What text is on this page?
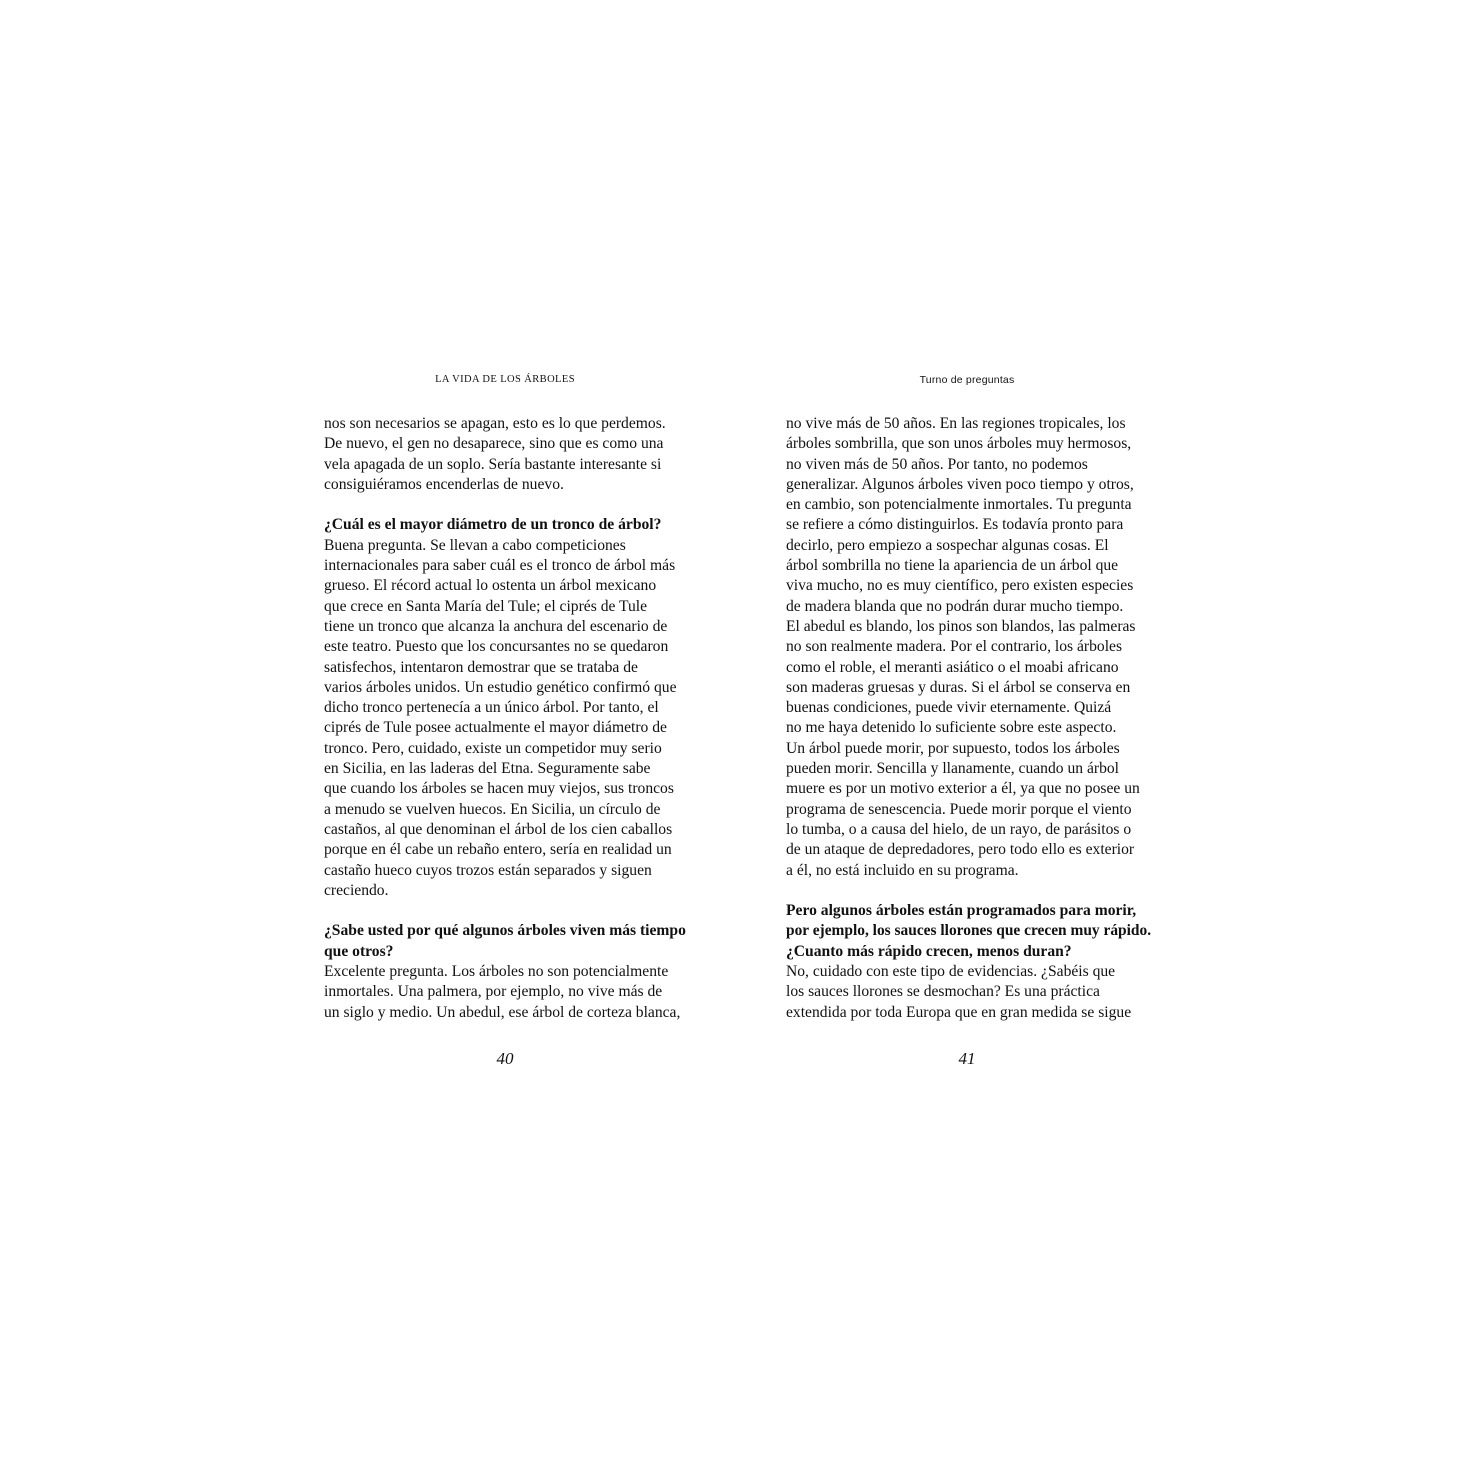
LA VIDA DE LOS ÁRBOLES
nos son necesarios se apagan, esto es lo que perdemos.
De nuevo, el gen no desaparece, sino que es como una
vela apagada de un soplo. Sería bastante interesante si
consiguiéramos encenderlas de nuevo.
¿Cuál es el mayor diámetro de un tronco de árbol?
Buena pregunta. Se llevan a cabo competiciones
internacionales para saber cuál es el tronco de árbol más
grueso. El récord actual lo ostenta un árbol mexicano
que crece en Santa María del Tule; el ciprés de Tule
tiene un tronco que alcanza la anchura del escenario de
este teatro. Puesto que los concursantes no se quedaron
satisfechos, intentaron demostrar que se trataba de
varios árboles unidos. Un estudio genético confirmó que
dicho tronco pertenecía a un único árbol. Por tanto, el
ciprés de Tule posee actualmente el mayor diámetro de
tronco. Pero, cuidado, existe un competidor muy serio
en Sicilia, en las laderas del Etna. Seguramente sabe
que cuando los árboles se hacen muy viejos, sus troncos
a menudo se vuelven huecos. En Sicilia, un círculo de
castaños, al que denominan el árbol de los cien caballos
porque en él cabe un rebaño entero, sería en realidad un
castaño hueco cuyos trozos están separados y siguen
creciendo.
¿Sabe usted por qué algunos árboles viven más tiempo
que otros?
Excelente pregunta. Los árboles no son potencialmente
inmortales. Una palmera, por ejemplo, no vive más de
un siglo y medio. Un abedul, ese árbol de corteza blanca,
40
Turno de preguntas
no vive más de 50 años. En las regiones tropicales, los
árboles sombrilla, que son unos árboles muy hermosos,
no viven más de 50 años. Por tanto, no podemos
generalizar. Algunos árboles viven poco tiempo y otros,
en cambio, son potencialmente inmortales. Tu pregunta
se refiere a cómo distinguirlos. Es todavía pronto para
decirlo, pero empiezo a sospechar algunas cosas. El
árbol sombrilla no tiene la apariencia de un árbol que
viva mucho, no es muy científico, pero existen especies
de madera blanda que no podrán durar mucho tiempo.
El abedul es blando, los pinos son blandos, las palmeras
no son realmente madera. Por el contrario, los árboles
como el roble, el meranti asiático o el moabi africano
son maderas gruesas y duras. Si el árbol se conserva en
buenas condiciones, puede vivir eternamente. Quizá
no me haya detenido lo suficiente sobre este aspecto.
Un árbol puede morir, por supuesto, todos los árboles
pueden morir. Sencilla y llanamente, cuando un árbol
muere es por un motivo exterior a él, ya que no posee un
programa de senescencia. Puede morir porque el viento
lo tumba, o a causa del hielo, de un rayo, de parásitos o
de un ataque de depredadores, pero todo ello es exterior
a él, no está incluido en su programa.
Pero algunos árboles están programados para morir,
por ejemplo, los sauces llorones que crecen muy rápido.
¿Cuanto más rápido crecen, menos duran?
No, cuidado con este tipo de evidencias. ¿Sabéis que
los sauces llorones se desmochan? Es una práctica
extendida por toda Europa que en gran medida se sigue
41
